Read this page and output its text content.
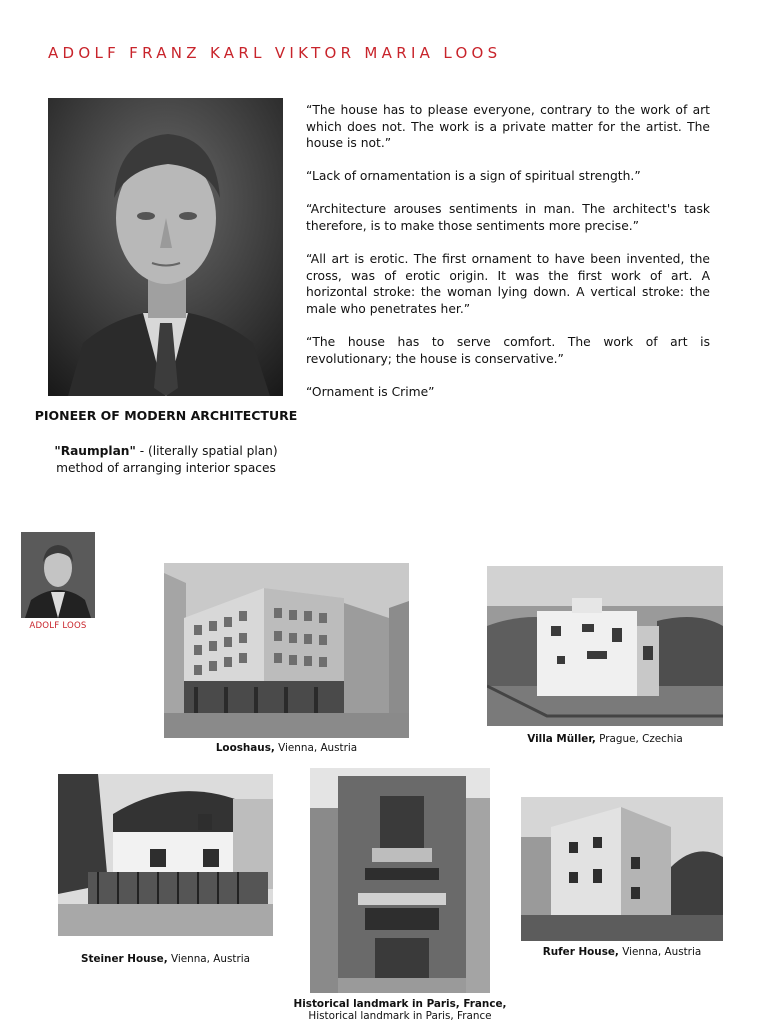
ADOLF FRANZ KARL VIKTOR MARIA LOOS

“The house has to please everyone, contrary to the work of art which does not. The work is a private matter for the artist. The house is not.”

“Lack of ornamentation is a sign of spiritual strength.”

“Architecture arouses sentiments in man. The architect's task therefore, is to make those sentiments more precise.”

“All art is erotic. The first ornament to have been invented, the cross, was of erotic origin. It was the first work of art. A horizontal stroke: the woman lying down. A vertical stroke: the male who penetrates her.”

“The house has to serve comfort. The work of art is revolutionary; the house is conservative.”

“Ornament is Crime”

PIONEER OF MODERN ARCHITECTURE
"Raumplan" - (literally spatial plan)
method of arranging interior spaces
ADOLF LOOS
Looshaus, Vienna, Austria
Villa Müller, Prague, Czechia
Steiner House, Vienna, Austria
Historical landmark in Paris, France,
Historical landmark in Paris, France
Rufer House, Vienna, Austria
